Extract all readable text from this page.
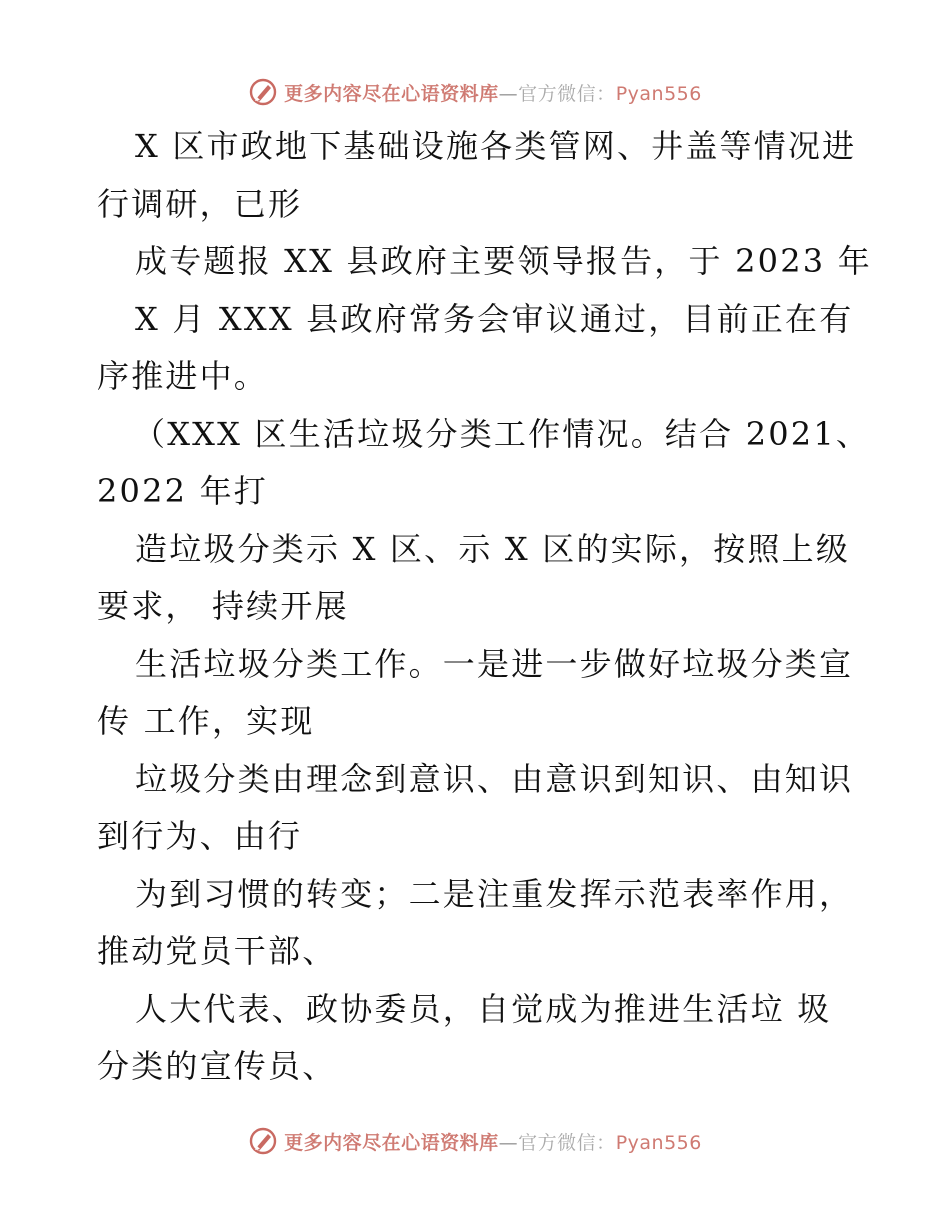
更多内容尽在心语资料库—官方微信：Pyan556
X 区市政地下基础设施各类管网、井盖等情况进
行调研，已形
成专题报 XX 县政府主要领导报告，于 2023 年
X 月 XXX 县政府常务会审议通过，目前正在有
序推进中。
（XXX 区生活垃圾分类工作情况。结合 2021、
2022 年打
造垃圾分类示 X 区、示 X 区的实际，按照上级
要求， 持续开展
生活垃圾分类工作。一是进一步做好垃圾分类宣
传 工作，实现
垃圾分类由理念到意识、由意识到知识、由知识
到行为、由行
为到习惯的转变；二是注重发挥示范表率作用，
推动党员干部、
人大代表、政协委员，自觉成为推进生活垃 圾
分类的宣传员、
更多内容尽在心语资料库—官方微信：Pyan556
